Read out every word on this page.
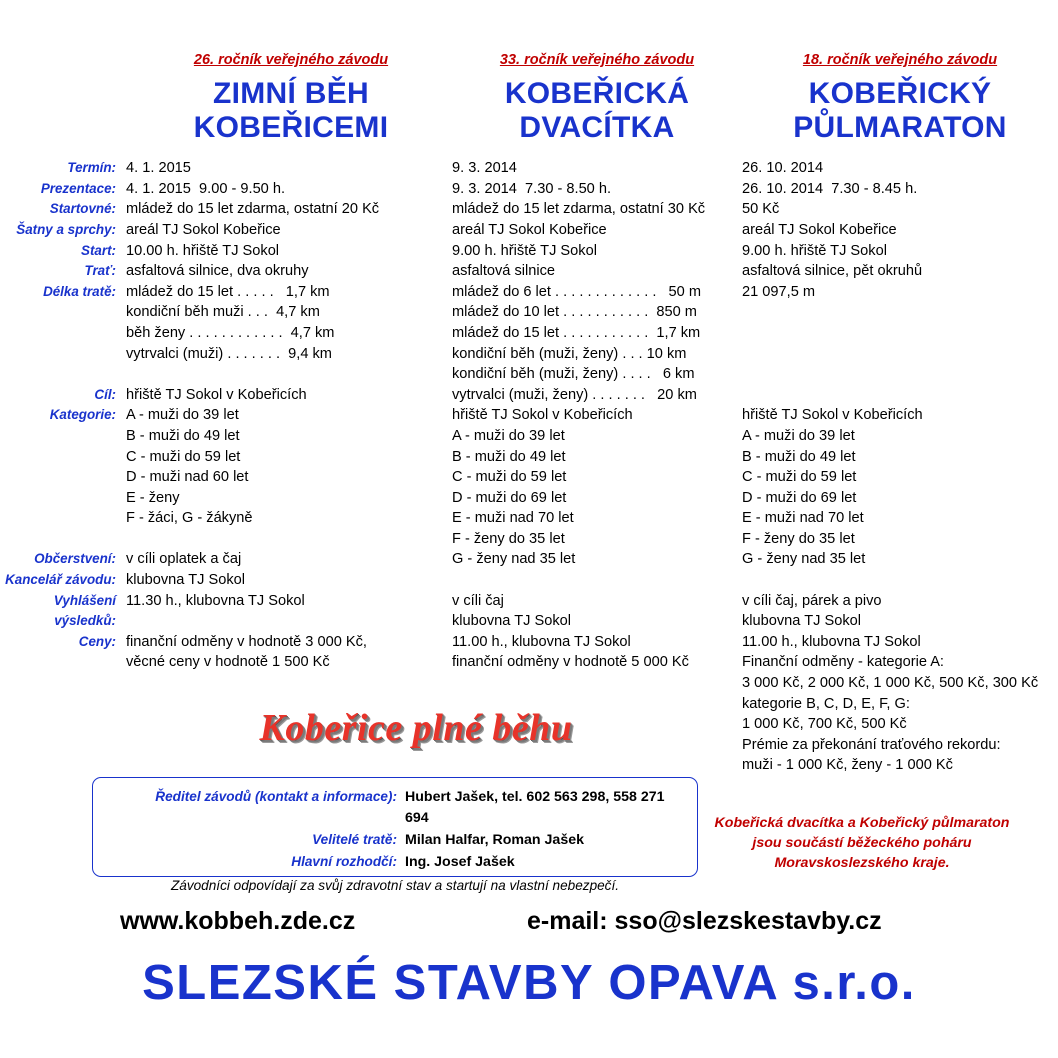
26. ročník veřejného závodu
ZIMNÍ BĚH
KOBEŘICEMI
Termín: 4. 1. 2015
Prezentace: 4. 1. 2015  9.00 - 9.50 h.
Startovné: mládež do 15 let zdarma, ostatní 20 Kč
Šatny a sprchy: areál TJ Sokol Kobeřice
Start: 10.00 h. hřiště TJ Sokol
Trať: asfaltová silnice, dva okruhy
Délka tratě: mládež do 15 let . . . . .   1,7 km
kondiční běh muži . . .  4,7 km
běh ženy . . . . . . . . . . . .  4,7 km
vytrvalci (muži) . . . . . . .  9,4 km
Cíl: hřiště TJ Sokol v Kobeřicích
Kategorie: A - muži do 39 let
B - muži do 49 let
C - muži do 59 let
D - muži nad 60 let
E - ženy
F - žáci, G - žákyně
Občerstvení: v cíli oplatek a čaj
Kancelář závodu: klubovna TJ Sokol
Vyhlášení výsledků:
11.30 h., klubovna TJ Sokol
Ceny: finanční odměny v hodnotě 3 000 Kč,
věcné ceny v hodnotě 1 500 Kč
33. ročník veřejného závodu
KOBEŘICKÁ
DVACÍTKA
9. 3. 2014
9. 3. 2014  7.30 - 8.50 h.
mládež do 15 let zdarma, ostatní 30 Kč
areál TJ Sokol Kobeřice
9.00 h. hřiště TJ Sokol
asfaltová silnice
mládež do 6 let . . . . . . . . . . . . .   50 m
mládež do 10 let . . . . . . . . . . .  850 m
mládež do 15 let . . . . . . . . . . .  1,7 km
kondiční běh (muži, ženy) . . . 10 km
kondiční běh (muži, ženy) . . . .   6 km
vytrvalci (muži, ženy) . . . . . . .   20 km
hřiště TJ Sokol v Kobeřicích
A - muži do 39 let
B - muži do 49 let
C - muži do 59 let
D - muži do 69 let
E - muži nad 70 let
F - ženy do 35 let
G - ženy nad 35 let
v cíli čaj
klubovna TJ Sokol
11.00 h., klubovna TJ Sokol
finanční odměny v hodnotě 5 000 Kč
18. ročník veřejného závodu
KOBEŘICKÝ
PŮLMARATON
26. 10. 2014
26. 10. 2014  7.30 - 8.45 h.
50 Kč
areál TJ Sokol Kobeřice
9.00 h. hřiště TJ Sokol
asfaltová silnice, pět okruhů
21 097,5 m
hřiště TJ Sokol v Kobeřicích
A - muži do 39 let
B - muži do 49 let
C - muži do 59 let
D - muži do 69 let
E - muži nad 70 let
F - ženy do 35 let
G - ženy nad 35 let
v cíli čaj, párek a pivo
klubovna TJ Sokol
11.00 h., klubovna TJ Sokol
Finanční odměny - kategorie A:
3 000 Kč, 2 000 Kč, 1 000 Kč, 500 Kč, 300 Kč
kategorie B, C, D, E, F, G:
1 000 Kč, 700 Kč, 500 Kč
Prémie za překonání traťového rekordu:
muži - 1 000 Kč, ženy - 1 000 Kč
Kobeřice plné běhu
Ředitel závodů (kontakt a informace): Hubert Jašek, tel. 602 563 298, 558 271 694
Velitelé tratě: Milan Halfar, Roman Jašek
Hlavní rozhodčí: Ing. Josef Jašek
Závodníci odpovídají za svůj zdravotní stav a startují na vlastní nebezpečí.
Kobeřická dvacítka a Kobeřický půlmaraton jsou součástí běžeckého poháru Moravskoslezského kraje.
www.kobbeh.zde.cz	e-mail: sso@slezskestavby.cz
SLEZSKÉ STAVBY OPAVA s.r.o.
